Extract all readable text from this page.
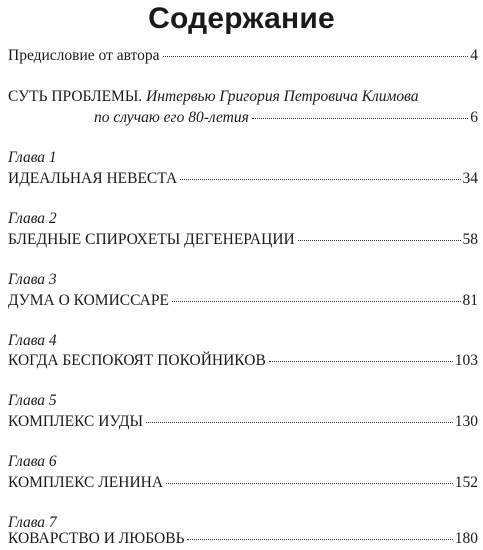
Содержание
Предисловие от автора	4
СУТЬ ПРОБЛЕМЫ. Интервью Григория Петровича Климова
по случаю его 80-летия	6
Глава 1
ИДЕАЛЬНАЯ НЕВЕСТА	34
Глава 2
БЛЕДНЫЕ СПИРОХЕТЫ ДЕГЕНЕРАЦИИ	58
Глава 3
ДУМА О КОМИССАРЕ	81
Глава 4
КОГДА БЕСПОКОЯТ ПОКОЙНИКОВ	103
Глава 5
КОМПЛЕКС ИУДЫ	130
Глава 6
КОМПЛЕКС ЛЕНИНА	152
Глава 7
КОВАРСТВО И ЛЮБОВЬ	180
